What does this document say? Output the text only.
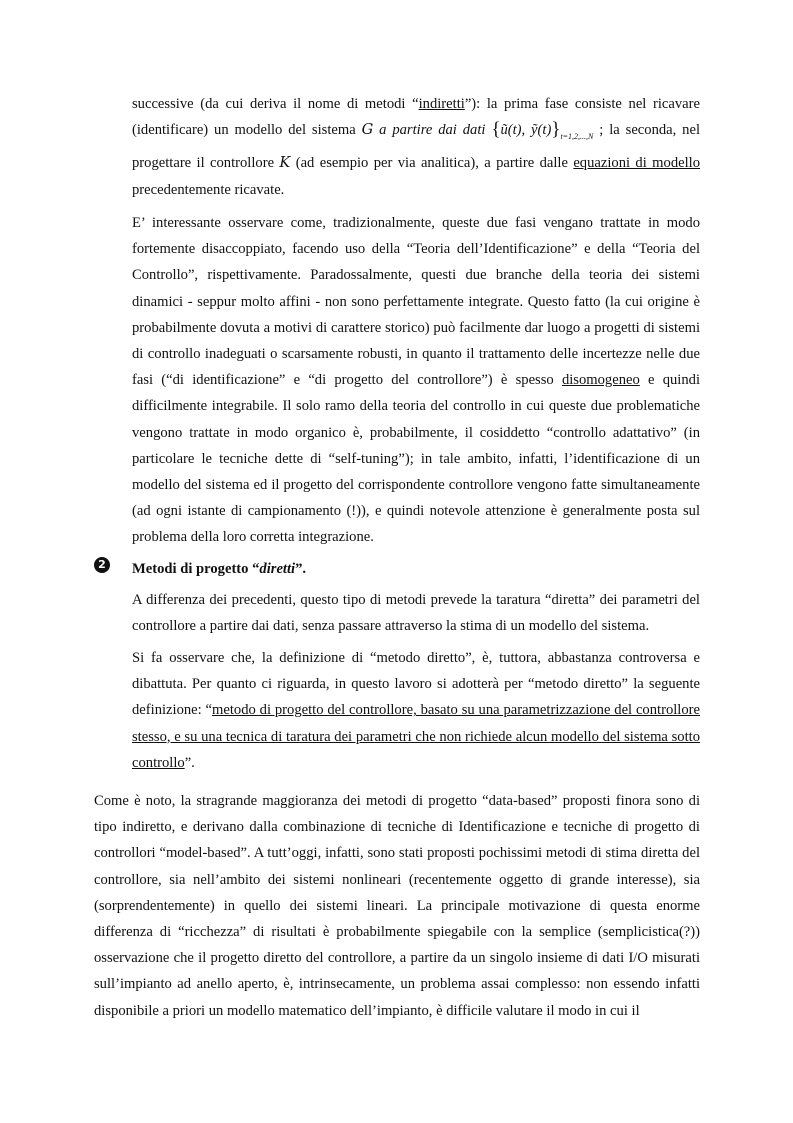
successive (da cui deriva il nome di metodi “indiretti”): la prima fase consiste nel ricavare (identificare) un modello del sistema G a partire dai dati {ũ(t), $ỹ(t)\}_{t=1,2,...,N}$ ; la seconda, nel progettare il controllore K (ad esempio per via analitica), a partire dalle equazioni di modello precedentemente ricavate.
E’ interessante osservare come, tradizionalmente, queste due fasi vengano trattate in modo fortemente disaccoppiato, facendo uso della “Teoria dell’Identificazione” e della “Teoria del Controllo”, rispettivamente. Paradossalmente, questi due branche della teoria dei sistemi dinamici - seppur molto affini - non sono perfettamente integrate. Questo fatto (la cui origine è probabilmente dovuta a motivi di carattere storico) può facilmente dar luogo a progetti di sistemi di controllo inadeguati o scarsamente robusti, in quanto il trattamento delle incertezze nelle due fasi (“di identificazione” e “di progetto del controllore”) è spesso disomogeneo e quindi difficilmente integrabile. Il solo ramo della teoria del controllo in cui queste due problematiche vengono trattate in modo organico è, probabilmente, il cosiddetto “controllo adattativo” (in particolare le tecniche dette di “self-tuning”); in tale ambito, infatti, l’identificazione di un modello del sistema ed il progetto del corrispondente controllore vengono fatte simultaneamente (ad ogni istante di campionamento (!)), e quindi notevole attenzione è generalmente posta sul problema della loro corretta integrazione.
2 Metodi di progetto “diretti”.
A differenza dei precedenti, questo tipo di metodi prevede la taratura “diretta” dei parametri del controllore a partire dai dati, senza passare attraverso la stima di un modello del sistema.
Si fa osservare che, la definizione di “metodo diretto”, è, tuttora, abbastanza controversa e dibattuta. Per quanto ci riguarda, in questo lavoro si adotterà per “metodo diretto” la seguente definizione: “metodo di progetto del controllore, basato su una parametrizzazione del controllore stesso, e su una tecnica di taratura dei parametri che non richiede alcun modello del sistema sotto controllo”.
Come è noto, la stragrande maggioranza dei metodi di progetto “data-based” proposti finora sono di tipo indiretto, e derivano dalla combinazione di tecniche di Identificazione e tecniche di progetto di controllori “model-based”. A tutt’oggi, infatti, sono stati proposti pochissimi metodi di stima diretta del controllore, sia nell’ambito dei sistemi nonlineari (recentemente oggetto di grande interesse), sia (sorprendentemente) in quello dei sistemi lineari. La principale motivazione di questa enorme differenza di “ricchezza” di risultati è probabilmente spiegabile con la semplice (semplicistica(?)) osservazione che il progetto diretto del controllore, a partire da un singolo insieme di dati I/O misurati sull’impianto ad anello aperto, è, intrinsecamente, un problema assai complesso: non essendo infatti disponibile a priori un modello matematico dell’impianto, è difficile valutare il modo in cui il
